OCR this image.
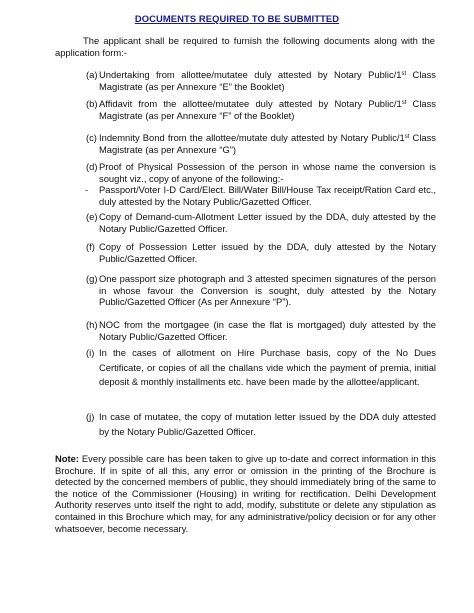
DOCUMENTS REQUIRED TO BE SUBMITTED
The applicant shall be required to furnish the following documents along with the application form:-
(a) Undertaking from allottee/mutatee duly attested by Notary Public/1st Class Magistrate (as per Annexure “E” the Booklet)
(b) Affidavit from the allottee/mutatee duly attested by Notary Public/1st Class Magistrate (as per Annexure “F” of the Booklet)
(c) Indemnity Bond from the allottee/mutate duly attested by Notary Public/1st Class Magistrate (as per Annexure “G”)
(d) Proof of Physical Possession of the person in whose name the conversion is sought viz., copy of anyone of the following:-
- Passport/Voter I-D Card/Elect. Bill/Water Bill/House Tax receipt/Ration Card etc., duly attested by the Notary Public/Gazetted Officer.
(e) Copy of Demand-cum-Allotment Letter issued by the DDA, duly attested by the Notary Public/Gazetted Officer.
(f) Copy of Possession Letter issued by the DDA, duly attested by the Notary Public/Gazetted Officer.
(g) One passport size photograph and 3 attested specimen signatures of the person in whose favour the Conversion is sought, duly attested by the Notary Public/Gazetted Officer (As per Annexure “P”).
(h) NOC from the mortgagee (in case the flat is mortgaged) duly attested by the Notary Public/Gazetted Officer.
(i) In the cases of allotment on Hire Purchase basis, copy of the No Dues Certificate, or copies of all the challans vide which the payment of premia, initial deposit & monthly installments etc. have been made by the allottee/applicant.
(j) In case of mutatee, the copy of mutation letter issued by the DDA duly attested by the Notary Public/Gazetted Officer.
Note: Every possible care has been taken to give up to-date and correct information in this Brochure. If in spite of all this, any error or omission in the printing of the Brochure is detected by the concerned members of public, they should immediately bring of the same to the notice of the Commissioner (Housing) in writing for rectification. Delhi Development Authority reserves unto itself the right to add, modify, substitute or delete any stipulation as contained in this Brochure which may, for any administrative/policy decision or for any other whatsoever, become necessary.
